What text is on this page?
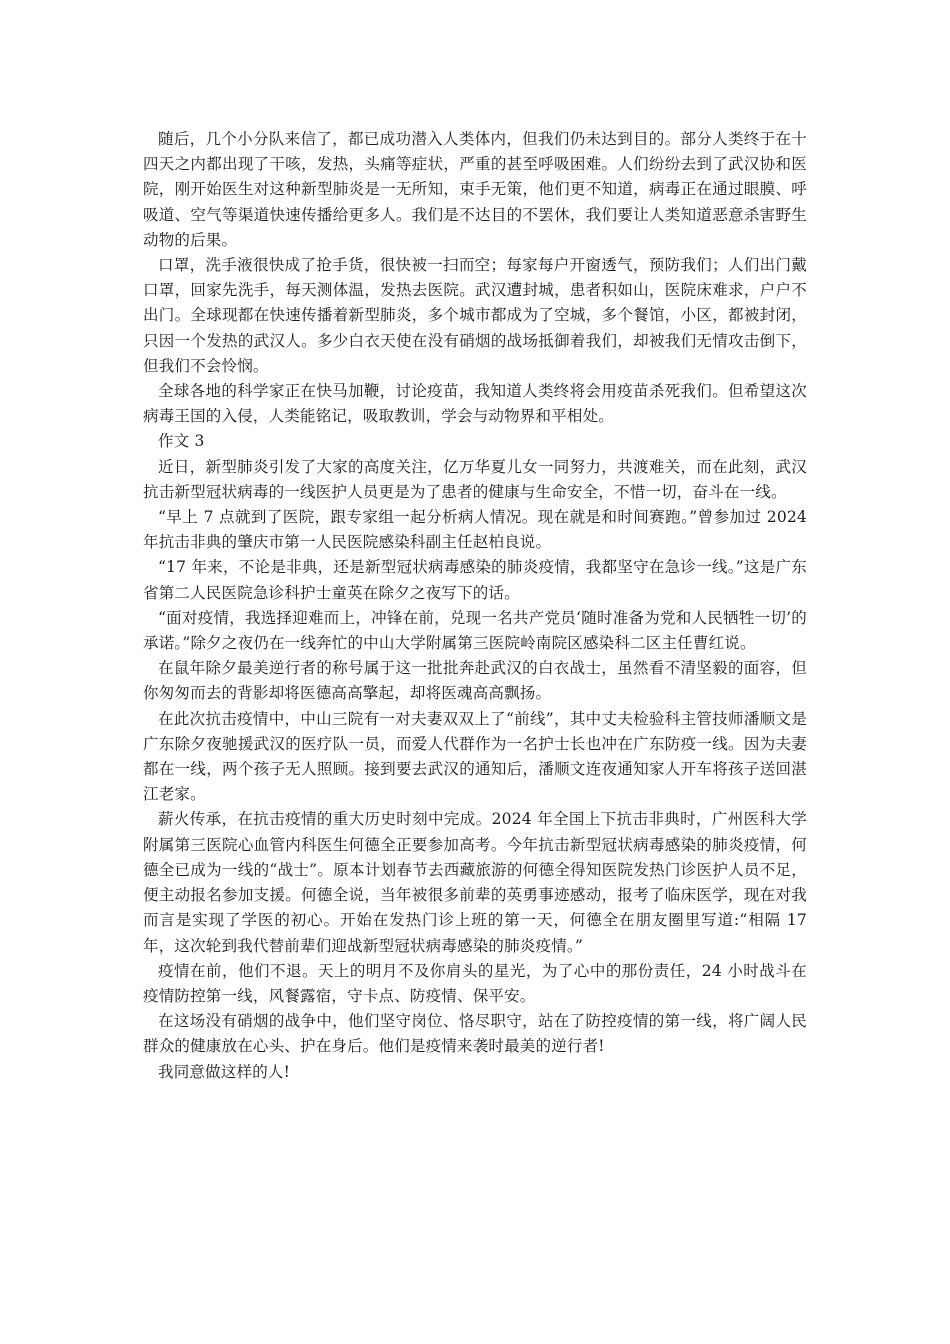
随后，几个小分队来信了，都已成功潜入人类体内，但我们仍未达到目的。部分人类终于在十四天之内都出现了干咳，发热，头痛等症状，严重的甚至呼吸困难。人们纷纷去到了武汉协和医院，刚开始医生对这种新型肺炎是一无所知，束手无策，他们更不知道，病毒正在通过眼膜、呼吸道、空气等渠道快速传播给更多人。我们是不达目的不罢休，我们要让人类知道恶意杀害野生动物的后果。

口罩，洗手液很快成了抢手货，很快被一扫而空；每家每户开窗透气，预防我们；人们出门戴口罩，回家先洗手，每天测体温，发热去医院。武汉遭封城，患者积如山，医院床难求，户户不出门。全球现都在快速传播着新型肺炎，多个城市都成为了空城，多个餐馆，小区，都被封闭，只因一个发热的武汉人。多少白衣天使在没有硝烟的战场抵御着我们，却被我们无情攻击倒下，但我们不会怜悯。

全球各地的科学家正在快马加鞭，讨论疫苗，我知道人类终将会用疫苗杀死我们。但希望这次病毒王国的入侵，人类能铭记，吸取教训，学会与动物界和平相处。

作文 3

近日，新型肺炎引发了大家的高度关注，亿万华夏儿女一同努力，共渡难关，而在此刻，武汉抗击新型冠状病毒的一线医护人员更是为了患者的健康与生命安全，不惜一切，奋斗在一线。

“早上 7 点就到了医院，跟专家组一起分析病人情况。现在就是和时间赛跑。”曾参加过 2024 年抗击非典的肇庆市第一人民医院感染科副主任赵柏良说。

“17 年来，不论是非典，还是新型冠状病毒感染的肺炎疫情，我都坚守在急诊一线。”这是广东省第二人民医院急诊科护士童英在除夕之夜写下的话。

“面对疫情，我选择迎难而上，冲锋在前，兑现一名共产党员‘随时准备为党和人民牺牲一切’的承诺。”除夕之夜仍在一线奔忙的中山大学附属第三医院岭南院区感染科二区主任曹红说。

在鼠年除夕最美逆行者的称号属于这一批批奔赴武汉的白衣战士，虽然看不清坚毅的面容，但你匆匆而去的背影却将医德高高擎起，却将医魂高高飘扬。

在此次抗击疫情中，中山三院有一对夫妻双双上了“前线”，其中丈夫检验科主管技师潘顺文是广东除夕夜驰援武汉的医疗队一员，而爱人代群作为一名护士长也冲在广东防疫一线。因为夫妻都在一线，两个孩子无人照顾。接到要去武汉的通知后，潘顺文连夜通知家人开车将孩子送回湛江老家。

薪火传承，在抗击疫情的重大历史时刻中完成。2024 年全国上下抗击非典时，广州医科大学附属第三医院心血管内科医生何德全正要参加高考。今年抗击新型冠状病毒感染的肺炎疫情，何德全已成为一线的“战士”。原本计划春节去西藏旅游的何德全得知医院发热门诊医护人员不足，便主动报名参加支援。何德全说，当年被很多前辈的英勇事迹感动，报考了临床医学，现在对我而言是实现了学医的初心。开始在发热门诊上班的第一天，何德全在朋友圈里写道:“相隔 17 年，这次轮到我代替前辈们迎战新型冠状病毒感染的肺炎疫情。”

疫情在前，他们不退。天上的明月不及你肩头的星光，为了心中的那份责任，24 小时战斗在疫情防控第一线，风餐露宿，守卡点、防疫情、保平安。

在这场没有硝烟的战争中，他们坚守岗位、恪尽职守，站在了防控疫情的第一线，将广阔人民群众的健康放在心头、护在身后。他们是疫情来袭时最美的逆行者!

我同意做这样的人!
